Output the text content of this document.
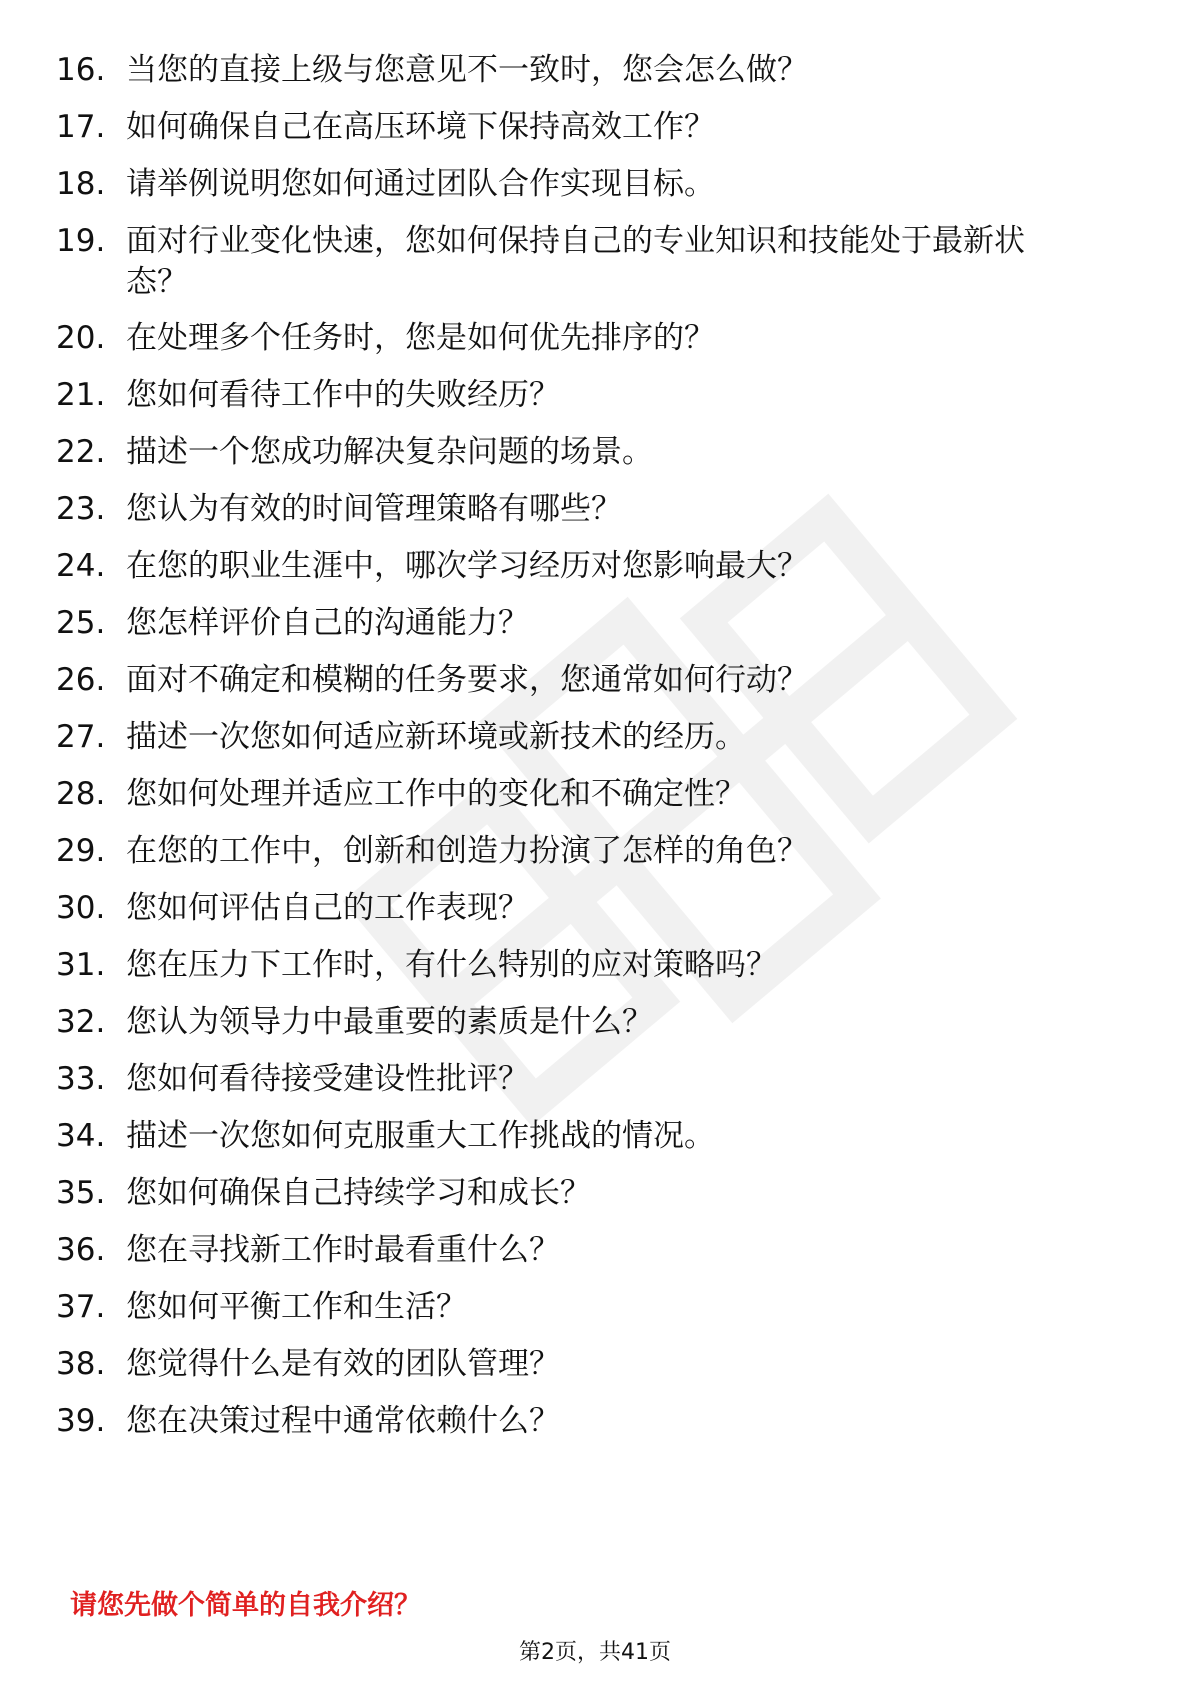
16. 当您的直接上级与您意见不一致时，您会怎么做？
17. 如何确保自己在高压环境下保持高效工作？
18. 请举例说明您如何通过团队合作实现目标。
19. 面对行业变化快速，您如何保持自己的专业知识和技能处于最新状态？
20. 在处理多个任务时，您是如何优先排序的？
21. 您如何看待工作中的失败经历？
22. 描述一个您成功解决复杂问题的场景。
23. 您认为有效的时间管理策略有哪些？
24. 在您的职业生涯中，哪次学习经历对您影响最大？
25. 您怎样评价自己的沟通能力？
26. 面对不确定和模糊的任务要求，您通常如何行动？
27. 描述一次您如何适应新环境或新技术的经历。
28. 您如何处理并适应工作中的变化和不确定性？
29. 在您的工作中，创新和创造力扮演了怎样的角色？
30. 您如何评估自己的工作表现？
31. 您在压力下工作时，有什么特别的应对策略吗？
32. 您认为领导力中最重要的素质是什么？
33. 您如何看待接受建设性批评？
34. 描述一次您如何克服重大工作挑战的情况。
35. 您如何确保自己持续学习和成长？
36. 您在寻找新工作时最看重什么？
37. 您如何平衡工作和生活？
38. 您觉得什么是有效的团队管理？
39. 您在决策过程中通常依赖什么？
请您先做个简单的自我介绍？
第2页，共41页
